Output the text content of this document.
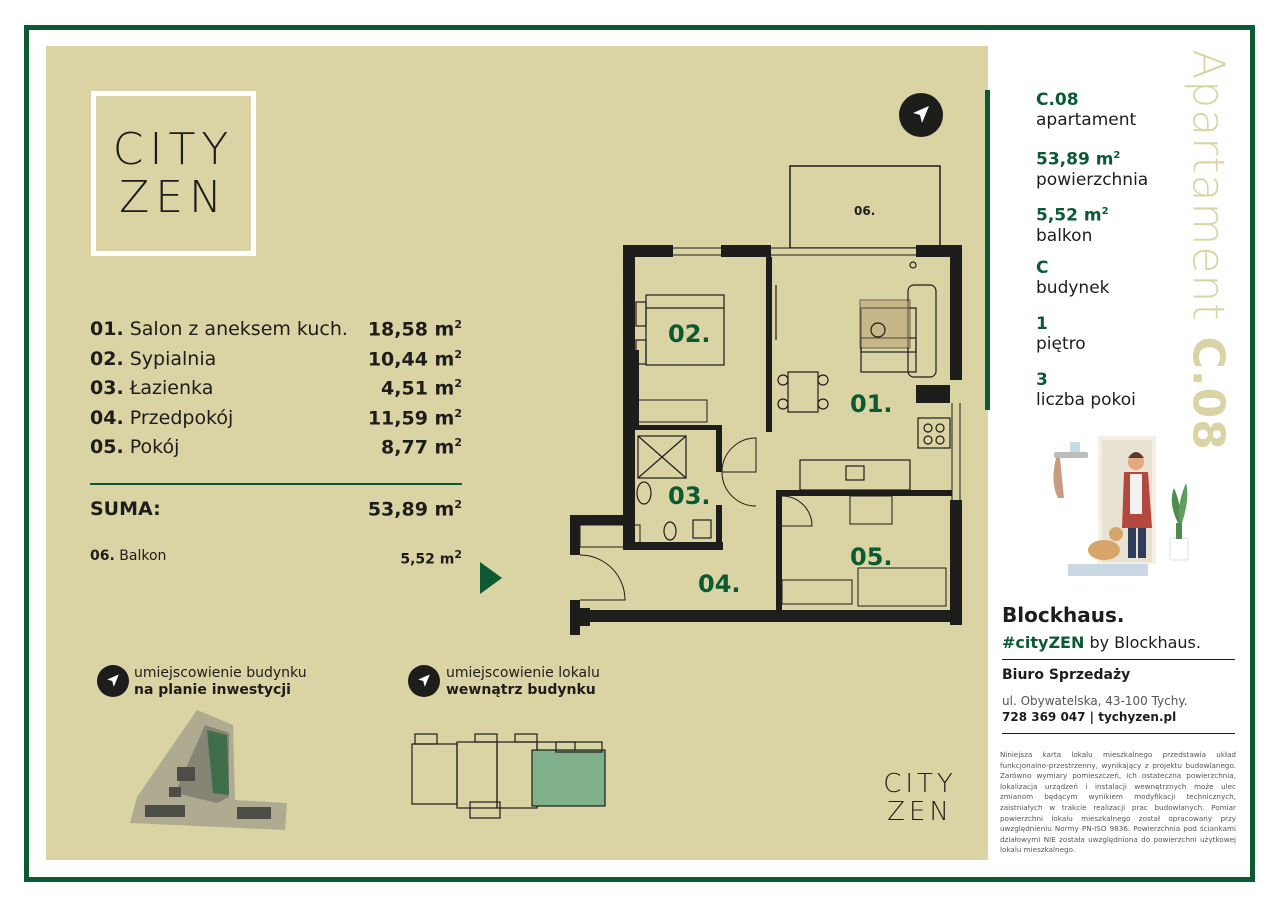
CITY
ZEN
01. Salon z aneksem kuch. 18,58 $m^2$
02. Sypialnia	10,44 $m^2$
03. Łazienka	4,51 $m^2$
04. Przedpokój	11,59 $m^2$
05. Pokój	8,77 $m^2$
SUMA:	53,89 $m^2$
06. Balkon	5,52 $m^2$
02.
01.
03.
04.
05.
06.
umiejscowienie budynku
na planie inwestycji
umiejscowienie lokalu
wewnątrz budynku
CITY
ZEN
C.08
apartament
53,89 $m^2$
powierzchnia
5,52 $m^2$
balkon
C
budynek
1
piętro
3
liczba pokoi
Apartament C.08
Blockhaus.
#cityZEN by Blockhaus.
Biuro Sprzedaży
ul. Obywatelska, 43-100 Tychy.
728 369 047 | tychyzen.pl
Niniejsza karta lokalu mieszkalnego przedstawia układ funkcjonalno-przestrzenny, wynikający z projektu budowlanego. Zarówno wymiary pomieszczeń, ich ostateczna powierzchnia, lokalizacja urządzeń i instalacji wewnętrznych może ulec zmianom będącym wynikiem modyfikacji technicznych, zaistniałych w trakcie realizacji prac budowlanych. Pomiar powierzchni lokalu mieszkalnego został opracowany przy uwzględnieniu Normy PN-ISO 9836. Powierzchnia pod ściankami działowymi NIE została uwzględniona do powierzchni użytkowej lokalu mieszkalnego.
